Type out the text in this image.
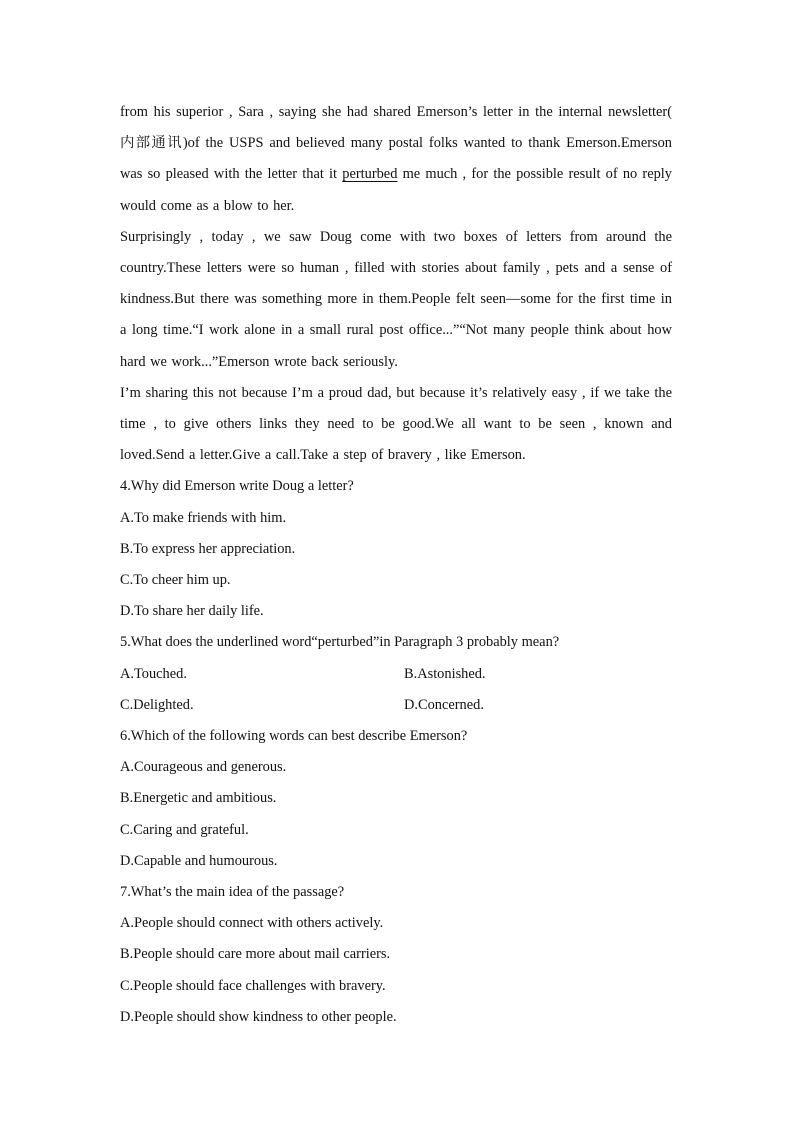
from his superior , Sara , saying she had shared Emerson’s letter in the internal newsletter( 内部通讯)of the USPS and believed many postal folks wanted to thank Emerson.Emerson was so pleased with the letter that it perturbed me much , for the possible result of no reply would come as a blow to her.

Surprisingly , today , we saw Doug come with two boxes of letters from around the country.These letters were so human , filled with stories about family , pets and a sense of kindness.But there was something more in them.People felt seen—some for the first time in a long time.“I work alone in a small rural post office...”“Not many people think about how hard we work...”Emerson wrote back seriously.

I’m sharing this not because I’m a proud dad, but because it’s relatively easy , if we take the time , to give others links they need to be good.We all want to be seen , known and loved.Send a letter.Give a call.Take a step of bravery , like Emerson.

4.Why did Emerson write Doug a letter?

A.To make friends with him.

B.To express her appreciation.

C.To cheer him up.

D.To share her daily life.

5.What does the underlined word“perturbed”in Paragraph 3 probably mean?

A.Touched.	B.Astonished.

C.Delighted.	D.Concerned.

6.Which of the following words can best describe Emerson?

A.Courageous and generous.

B.Energetic and ambitious.

C.Caring and grateful.

D.Capable and humourous.

7.What’s the main idea of the passage?

A.People should connect with others actively.

B.People should care more about mail carriers.

C.People should face challenges with bravery.

D.People should show kindness to other people.
